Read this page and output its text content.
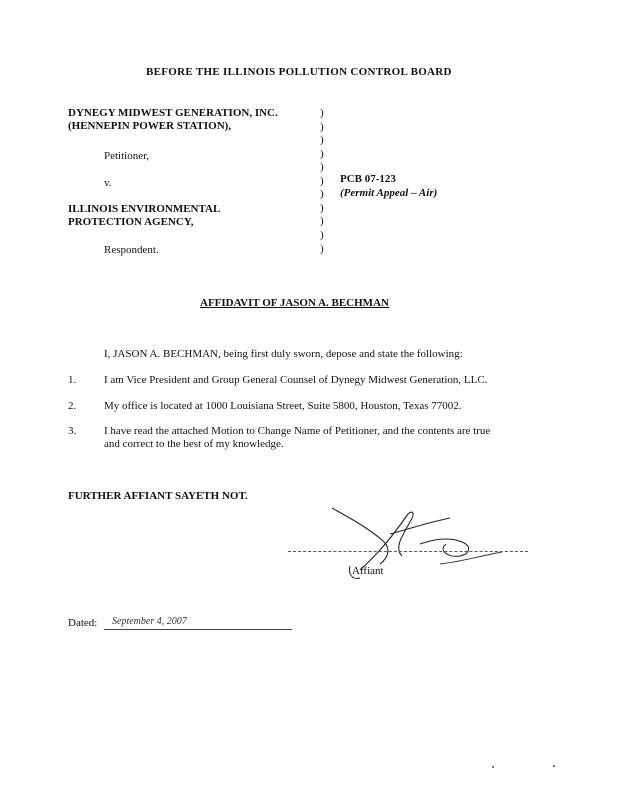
BEFORE THE ILLINOIS POLLUTION CONTROL BOARD
DYNEGY MIDWEST GENERATION, INC.
(HENNEPIN POWER STATION),
Petitioner,
v.
ILLINOIS ENVIRONMENTAL
PROTECTION AGENCY,
Respondent.
)
)
)
)
)
)
)
)
)
)
)
PCB 07-123
(Permit Appeal – Air)
AFFIDAVIT OF JASON A. BECHMAN
I, JASON A. BECHMAN, being first duly sworn, depose and state the following:
1.	I am Vice President and Group General Counsel of Dynegy Midwest Generation, LLC.
2.	My office is located at 1000 Louisiana Street, Suite 5800, Houston, Texas 77002.
3.	I have read the attached Motion to Change Name of Petitioner, and the contents are true
and correct to the best of my knowledge.
FURTHER AFFIANT SAYETH NOT.
Affiant
Dated: September 4, 2007
